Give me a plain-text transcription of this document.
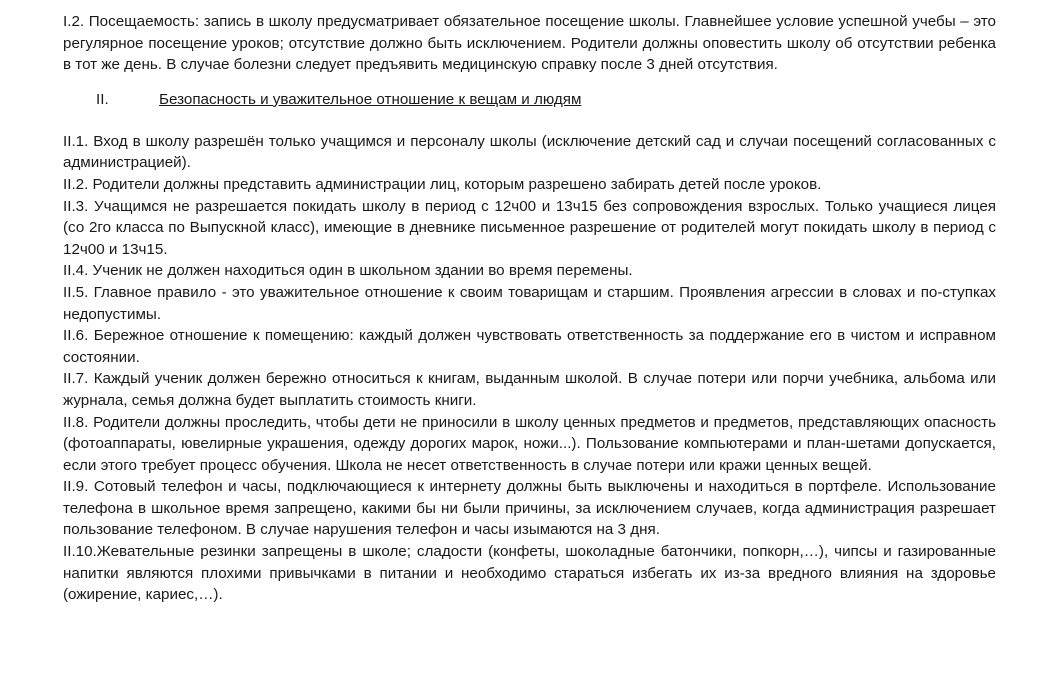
I.2. Посещаемость: запись в школу предусматривает обязательное посещение школы. Главнейшее условие успешной учебы – это регулярное посещение уроков; отсутствие должно быть исключением. Родители должны оповестить школу об отсутствии ребенка в тот же день. В случае болезни следует предъявить медицинскую справку после 3 дней отсутствия.

II.	Безопасность и уважительное отношение к вещам и людям

II.1. Вход в школу разрешён только учащимся и персоналу школы (исключение детский сад и случаи посещений согласованных с администрацией).

II.2. Родители должны представить администрации лиц, которым разрешено забирать детей после уроков.

II.3. Учащимся не разрешается покидать школу в период с 12ч00 и 13ч15 без сопровождения взрослых. Только учащиеся лицея (со 2го класса по Выпускной класс), имеющие в дневнике письменное разрешение от родителей могут покидать школу в период с 12ч00 и 13ч15.

II.4. Ученик не должен находиться один в школьном здании во время перемены.

II.5. Главное правило - это уважительное отношение к своим товарищам и старшим. Проявления агрессии в словах и по-ступках недопустимы.

II.6. Бережное отношение к помещению: каждый должен чувствовать ответственность за поддержание его в чистом и исправном состоянии.

II.7. Каждый ученик должен бережно относиться к книгам, выданным школой. В случае потери или порчи учебника, альбома или журнала, семья должна будет выплатить стоимость книги.

II.8. Родители должны проследить, чтобы дети не приносили в школу ценных предметов и предметов, представляющих опасность (фотоаппараты, ювелирные украшения, одежду дорогих марок, ножи...). Пользование компьютерами и план-шетами допускается, если этого требует процесс обучения. Школа не несет ответственность в случае потери или кражи ценных вещей.

II.9. Сотовый телефон и часы, подключающиеся к интернету должны быть выключены и находиться в портфеле. Использование телефона в школьное время запрещено, какими бы ни были причины, за исключением случаев, когда администрация разрешает пользование телефоном. В случае нарушения телефон и часы изымаются на 3 дня.

II.10.Жевательные резинки запрещены в школе; сладости (конфеты, шоколадные батончики, попкорн,…), чипсы и газированные напитки являются плохими привычками в питании и необходимо стараться избегать их из-за вредного влияния на здоровье (ожирение, кариес,…).
